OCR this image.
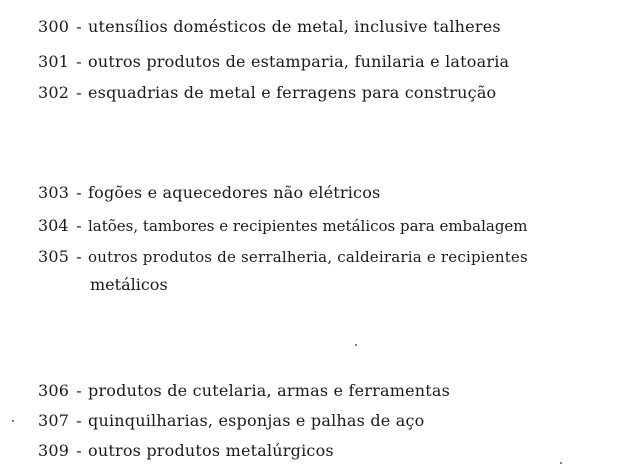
300 - utensílios domésticos de metal, inclusive talheres
301 - outros produtos de estamparia, funilaria e latoaria
302 - esquadrias de metal e ferragens para construção
303 - fogões e aquecedores não elétricos
304 - latões, tambores e recipientes metálicos para embalagem
305 - outros produtos de serralheria, caldeiraria e recipientes
metálicos
306 - produtos de cutelaria, armas e ferramentas
307 - quinquilharias, esponjas e palhas de aço
309 - outros produtos metalúrgicos
